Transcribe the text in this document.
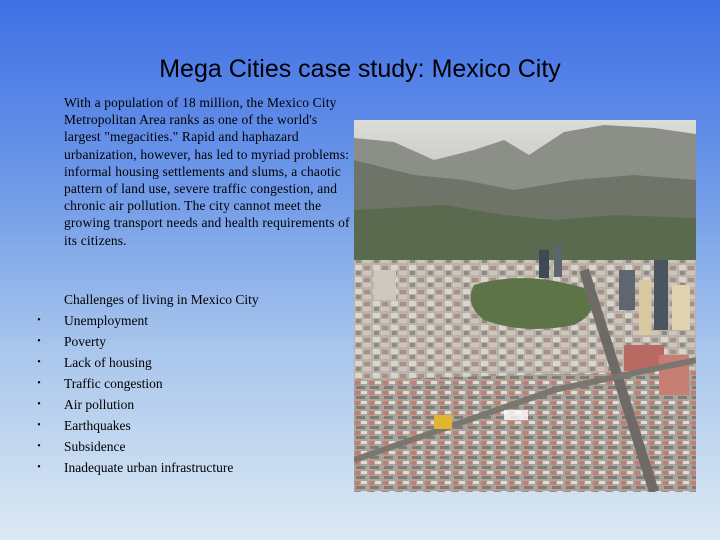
Mega Cities case study: Mexico City
With a population of 18 million, the Mexico City Metropolitan Area ranks as one of the world's largest "megacities." Rapid and haphazard urbanization, however, has led to myriad problems: informal housing settlements and slums, a chaotic pattern of land use, severe traffic congestion, and chronic air pollution. The city cannot meet the growing transport needs and health requirements of its citizens.
Challenges of living in Mexico City
• Unemployment
• Poverty
• Lack of housing
• Traffic congestion
• Air pollution
• Earthquakes
• Subsidence
• Inadequate urban infrastructure
